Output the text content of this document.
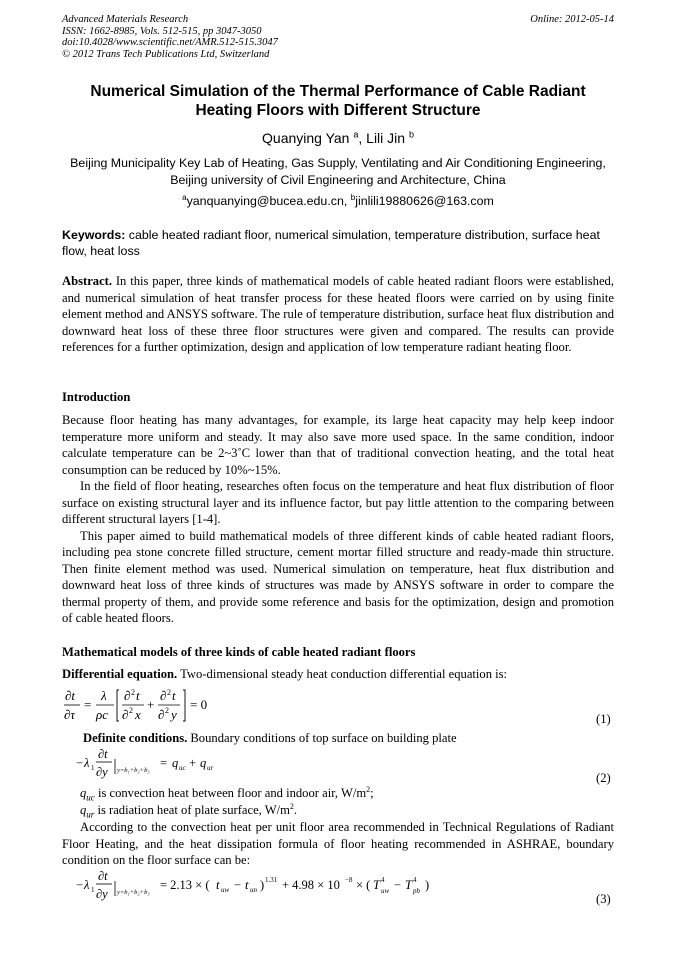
Advanced Materials Research
ISSN: 1662-8985, Vols. 512-515, pp 3047-3050
doi:10.4028/www.scientific.net/AMR.512-515.3047
© 2012 Trans Tech Publications Ltd, Switzerland
Online: 2012-05-14
Numerical Simulation of the Thermal Performance of Cable Radiant Heating Floors with Different Structure
Quanying Yan $^a$, Lili Jin $^b$
Beijing Municipality Key Lab of Heating, Gas Supply, Ventilating and Air Conditioning Engineering, Beijing university of Civil Engineering and Architecture, China
$^a$yanquanying@bucea.edu.cn, $^b$jinlili19880626@163.com
Keywords: cable heated radiant floor, numerical simulation, temperature distribution, surface heat flow, heat loss
Abstract. In this paper, three kinds of mathematical models of cable heated radiant floors were established, and numerical simulation of heat transfer process for these heated floors were carried on by using finite element method and ANSYS software. The rule of temperature distribution, surface heat flux distribution and downward heat loss of these three floor structures were given and compared. The results can provide references for a further optimization, design and application of low temperature radiant heating floor.
Introduction

Because floor heating has many advantages, for example, its large heat capacity may help keep indoor temperature more uniform and steady. It may also save more used space. In the same condition, indoor calculate temperature can be 2~3˚C lower than that of traditional convection heating, and the total heat consumption can be reduced by 10%~15%.

In the field of floor heating, researches often focus on the temperature and heat flux distribution of floor surface on existing structural layer and its influence factor, but pay little attention to the comparing between different structural layers [1-4].

This paper aimed to build mathematical models of three different kinds of cable heated radiant floors, including pea stone concrete filled structure, cement mortar filled structure and ready-made thin structure. Then finite element method was used. Numerical simulation on temperature, heat flux distribution and downward heat loss of three kinds of structures was made by ANSYS software in order to compare the thermal property of them, and provide some reference and basis for the optimization, design and promotion of cable heated floors.

Mathematical models of three kinds of cable heated radiant floors
Differential equation. Two-dimensional steady heat conduction differential equation is:
∂t
∂τ
=
λ
ρc
∂ 2 t
∂ 2 x
+
∂ 2 t
∂ 2 y
= 0
(1)
Definite conditions. Boundary conditions of top surface on building plate
− λ 1
∂t
∂y y=b₁+b₂+b₃
= q uc + q ur
(2)
$q_{uc}$ is convection heat between floor and indoor air, $W/m^2$;
$q_{ur}$ is radiation heat of plate surface, $W/m^2$.
According to the convection heat per unit floor area recommended in Technical Regulations of Radiant Floor Heating, and the heat dissipation formula of floor heating recommended in ASHRAE, boundary condition on the floor surface can be:
− λ 1
∂t
∂y y=b₁+b₂+b₃
= 2.13 × ( t uw − t un ) 1.31 + 4.98 × 10 −8 × ( T 4
uw − T 4
pb )
(3)
